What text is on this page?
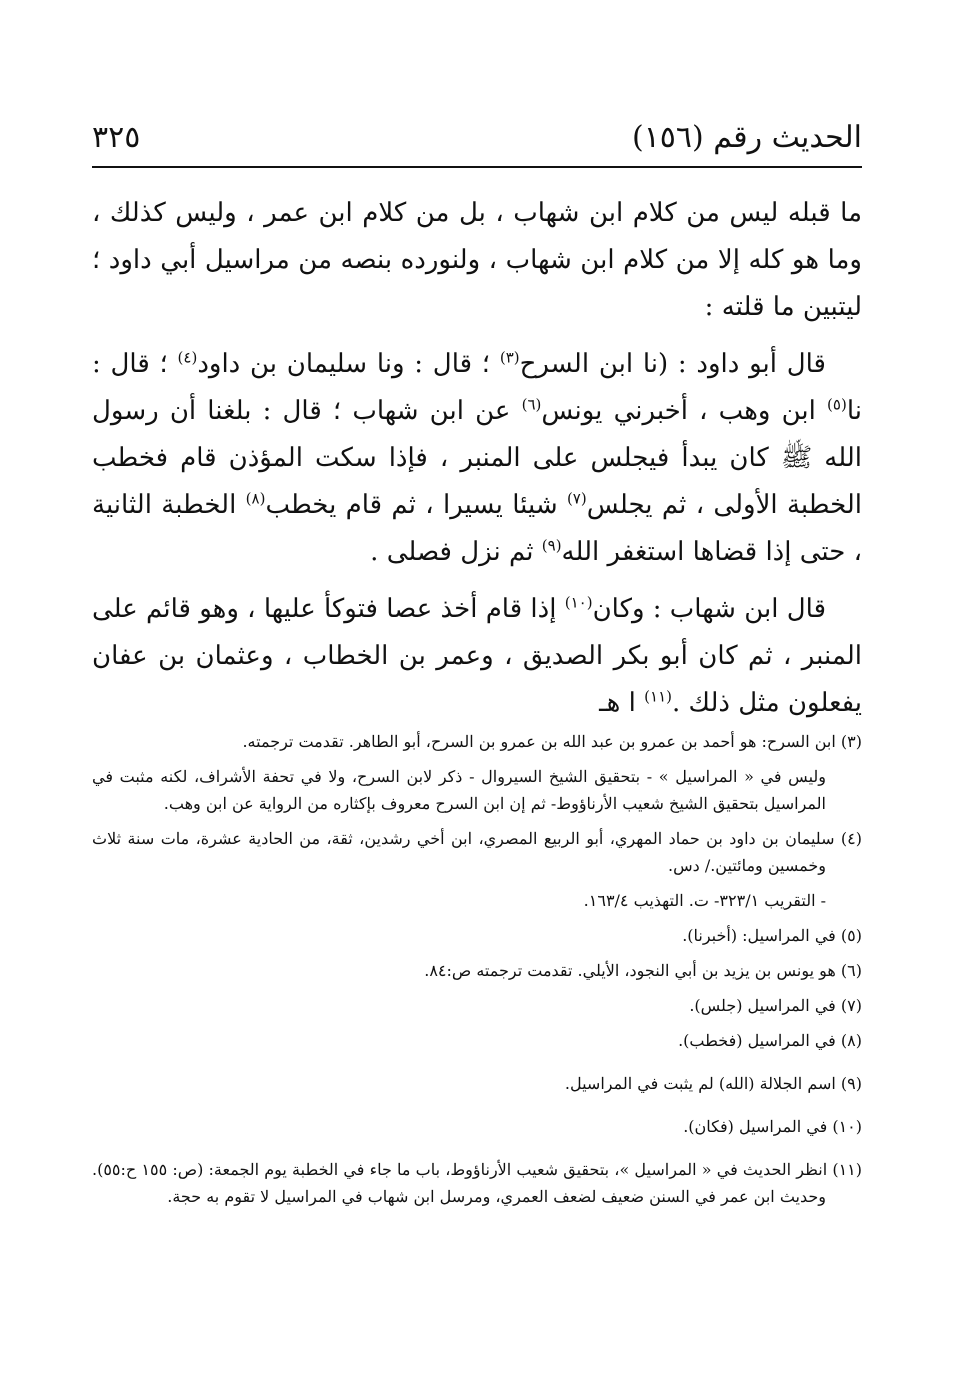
الحديث رقم (١٥٦)
٣٢٥

ما قبله ليس من كلام ابن شهاب ، بل من كلام ابن عمر ، وليس كذلك ، وما هو كله إلا من كلام ابن شهاب ، ولنورده بنصه من مراسيل أبي داود ؛ ليتبين ما قلته :

قال أبو داود : (نا ابن السرح$^{(٣)}$ ؛ قال : ونا سليمان بن داود$^{(٤)}$ ؛ قال : نا$^{(٥)}$ ابن وهب ، أخبرني يونس$^{(٦)}$ عن ابن شهاب ؛ قال : بلغنا أن رسول الله ﷺ كان يبدأ فيجلس على المنبر ، فإذا سكت المؤذن قام فخطب الخطبة الأولى ، ثم يجلس$^{(٧)}$ شيئا يسيرا ، ثم قام يخطب$^{(٨)}$ الخطبة الثانية ، حتى إذا قضاها استغفر الله$^{(٩)}$ ثم نزل فصلى .

قال ابن شهاب : وكان$^{(١٠)}$ إذا قام أخذ عصا فتوكأ عليها ، وهو قائم على المنبر ، ثم كان أبو بكر الصديق ، وعمر بن الخطاب ، وعثمان بن عفان يفعلون مثل ذلك .$^{(١١)}$ ا هـ

(٣) ابن السرح: هو أحمد بن عمرو بن عبد الله بن عمرو بن السرح، أبو الطاهر. تقدمت ترجمته.
وليس في « المراسيل » - بتحقيق الشيخ السيروال - ذكر لابن السرح، ولا في تحفة الأشراف، لكنه مثبت في المراسيل بتحقيق الشيخ شعيب الأرناؤوط- ثم إن ابن السرح معروف بإكثاره من الرواية عن ابن وهب.
(٤) سليمان بن داود بن حماد المهري، أبو الربيع المصري، ابن أخي رشدين، ثقة، من الحادية عشرة، مات سنة ثلاث وخمسين ومائتين./ دس.
- التقريب ٣٢٣/١- ت. التهذيب ١٦٣/٤.
(٥) في المراسيل: (أخبرنا).
(٦) هو يونس بن يزيد بن أبي النجود، الأيلي. تقدمت ترجمته ص:٨٤.
(٧) في المراسيل (جلس).
(٨) في المراسيل (فخطب).
(٩) اسم الجلالة (الله) لم يثبت في المراسيل.
(١٠) في المراسيل (فكان).
(١١) انظر الحديث في « المراسيل »، بتحقيق شعيب الأرناؤوط، باب ما جاء في الخطبة يوم الجمعة: (ص: ١٥٥ ح:٥٥). وحديث ابن عمر في السنن ضعيف لضعف العمري، ومرسل ابن شهاب في المراسيل لا تقوم به حجة.
